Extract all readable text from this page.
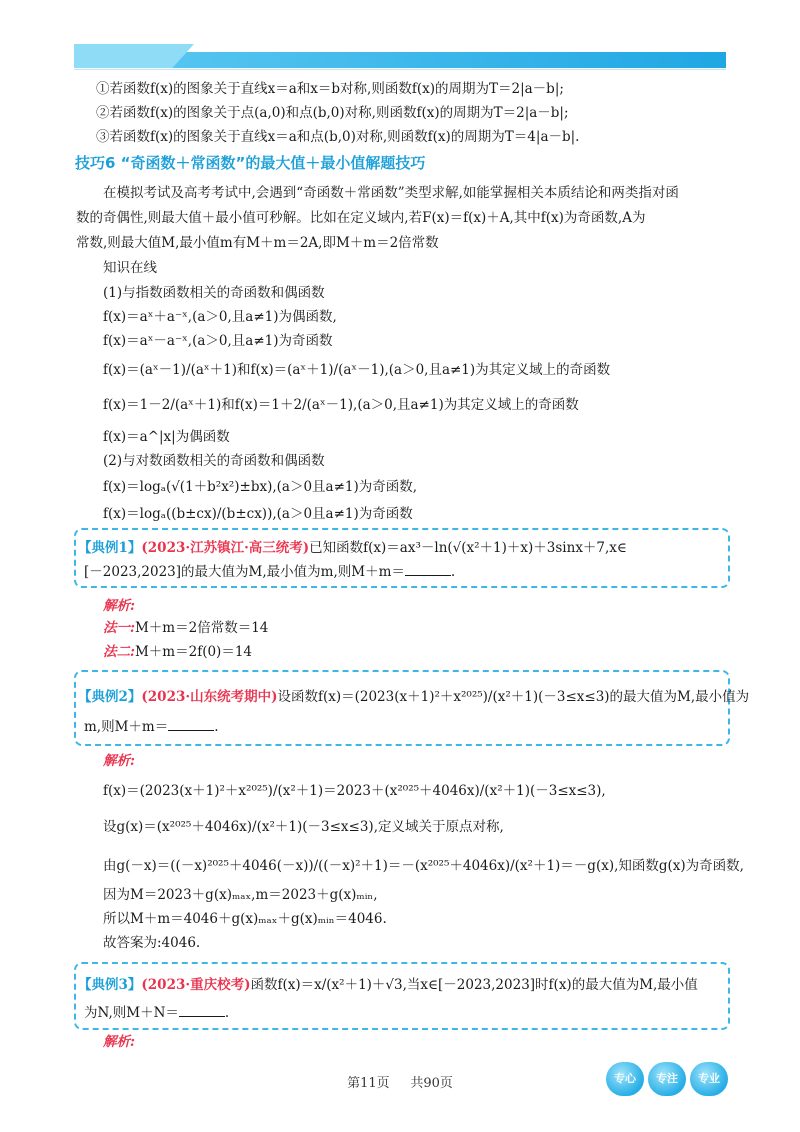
①若函数f(x)的图象关于直线x＝a和x＝b对称,则函数f(x)的周期为T＝2|a－b|;
②若函数f(x)的图象关于点(a,0)和点(b,0)对称,则函数f(x)的周期为T＝2|a－b|;
③若函数f(x)的图象关于直线x＝a和点(b,0)对称,则函数f(x)的周期为T＝4|a－b|.
技巧6 “奇函数＋常函数”的最大值＋最小值解题技巧
在模拟考试及高考考试中,会遇到“奇函数＋常函数”类型求解,如能掌握相关本质结论和两类指对函
数的奇偶性,则最大值＋最小值可秒解。比如在定义域内,若F(x)＝f(x)＋A,其中f(x)为奇函数,A为
常数,则最大值M,最小值m有M＋m＝2A,即M＋m＝2倍常数
知识在线
(1)与指数函数相关的奇函数和偶函数
f(x)＝aˣ＋a⁻ˣ,(a＞0,且a≠1)为偶函数,
f(x)＝aˣ－a⁻ˣ,(a＞0,且a≠1)为奇函数
f(x)＝(aˣ－1)/(aˣ＋1)和f(x)＝(aˣ＋1)/(aˣ－1),(a＞0,且a≠1)为其定义域上的奇函数
f(x)＝1－2/(aˣ＋1)和f(x)＝1＋2/(aˣ－1),(a＞0,且a≠1)为其定义域上的奇函数
f(x)＝a^|x|为偶函数
(2)与对数函数相关的奇函数和偶函数
f(x)＝logₐ(√(1＋b²x²)±bx),(a＞0且a≠1)为奇函数,
f(x)＝logₐ((b±cx)/(b±cx)),(a＞0且a≠1)为奇函数
【典例1】(2023·江苏镇江·高三统考)已知函数f(x)＝ax³－ln(√(x²＋1)＋x)＋3sinx＋7,x∈
[－2023,2023]的最大值为M,最小值为m,则M＋m＝	.
解析:
法一:M＋m＝2倍常数＝14
法二:M＋m＝2f(0)＝14
【典例2】(2023·山东统考期中)设函数f(x)＝(2023(x＋1)²＋x²⁰²⁵)/(x²＋1)(－3≤x≤3)的最大值为M,最小值为
m,则M＋m＝	.
解析:
f(x)＝(2023(x＋1)²＋x²⁰²⁵)/(x²＋1)＝2023＋(x²⁰²⁵＋4046x)/(x²＋1)(－3≤x≤3),
设g(x)＝(x²⁰²⁵＋4046x)/(x²＋1)(－3≤x≤3),定义域关于原点对称,
由g(－x)＝((－x)²⁰²⁵＋4046(－x))/((－x)²＋1)＝－(x²⁰²⁵＋4046x)/(x²＋1)＝－g(x),知函数g(x)为奇函数,
因为M＝2023＋g(x)ₘₐₓ,m＝2023＋g(x)ₘᵢₙ,
所以M＋m＝4046＋g(x)ₘₐₓ＋g(x)ₘᵢₙ＝4046.
故答案为:4046.
【典例3】(2023·重庆校考)函数f(x)＝x/(x²＋1)＋√3,当x∈[－2023,2023]时f(x)的最大值为M,最小值
为N,则M＋N＝	.
解析:
第11页 共90页	专心	专注	专业
